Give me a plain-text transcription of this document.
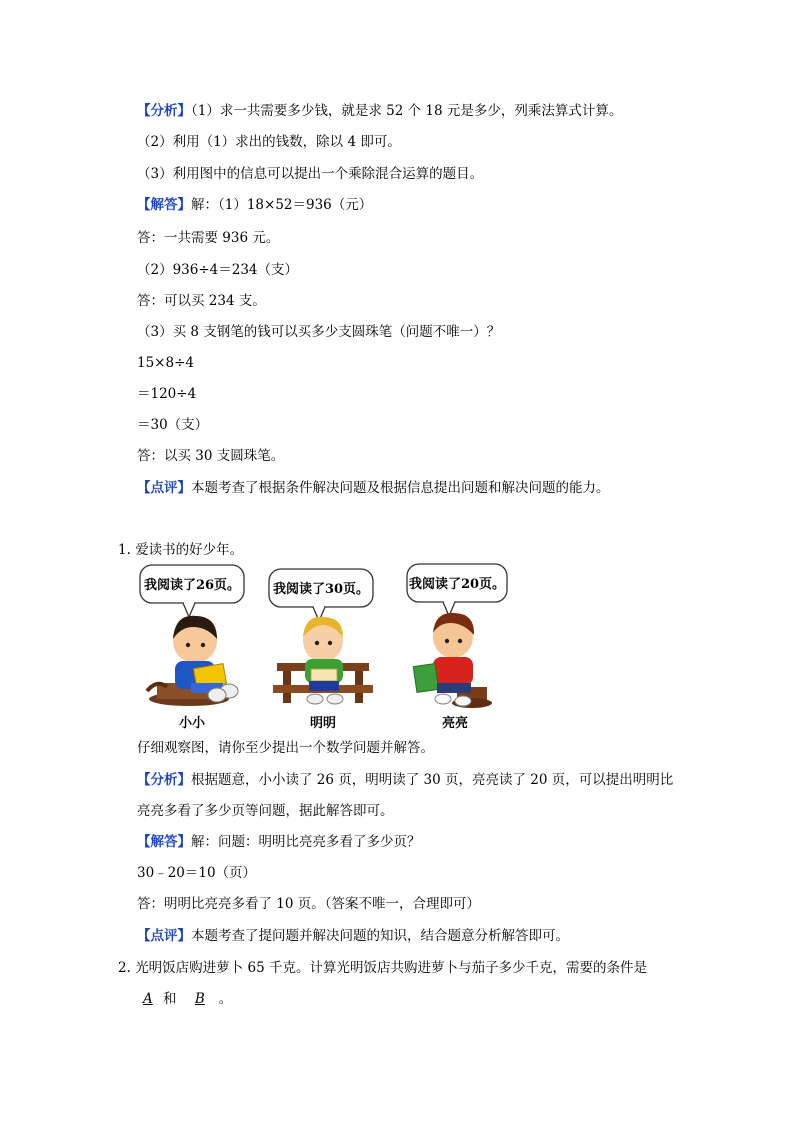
【分析】（1）求一共需要多少钱，就是求 52 个 18 元是多少，列乘法算式计算。
（2）利用（1）求出的钱数，除以 4 即可。
（3）利用图中的信息可以提出一个乘除混合运算的题目。
【解答】解：（1）18×52＝936（元）
答：一共需要 936 元。
（2）936÷4＝234（支）
答：可以买 234 支。
（3）买 8 支钢笔的钱可以买多少支圆珠笔（问题不唯一）？
15×8÷4
＝120÷4
＝30（支）
答：以买 30 支圆珠笔。
【点评】本题考查了根据条件解决问题及根据信息提出问题和解决问题的能力。
1. 爱读书的好少年。
我阅读了26页。	我阅读了30页。	我阅读了20页。
小小	明明	亮亮
仔细观察图，请你至少提出一个数学问题并解答。
【分析】根据题意，小小读了 26 页，明明读了 30 页，亮亮读了 20 页，可以提出明明比
亮亮多看了多少页等问题，据此解答即可。
【解答】解：问题：明明比亮亮多看了多少页？
30﹣20＝10（页）
答：明明比亮亮多看了 10 页。（答案不唯一，合理即可）
【点评】本题考查了提问题并解决问题的知识，结合题意分析解答即可。
2. 光明饭店购进萝卜 65 千克。计算光明饭店共购进萝卜与茄子多少千克，需要的条件是
A 和 B 。
